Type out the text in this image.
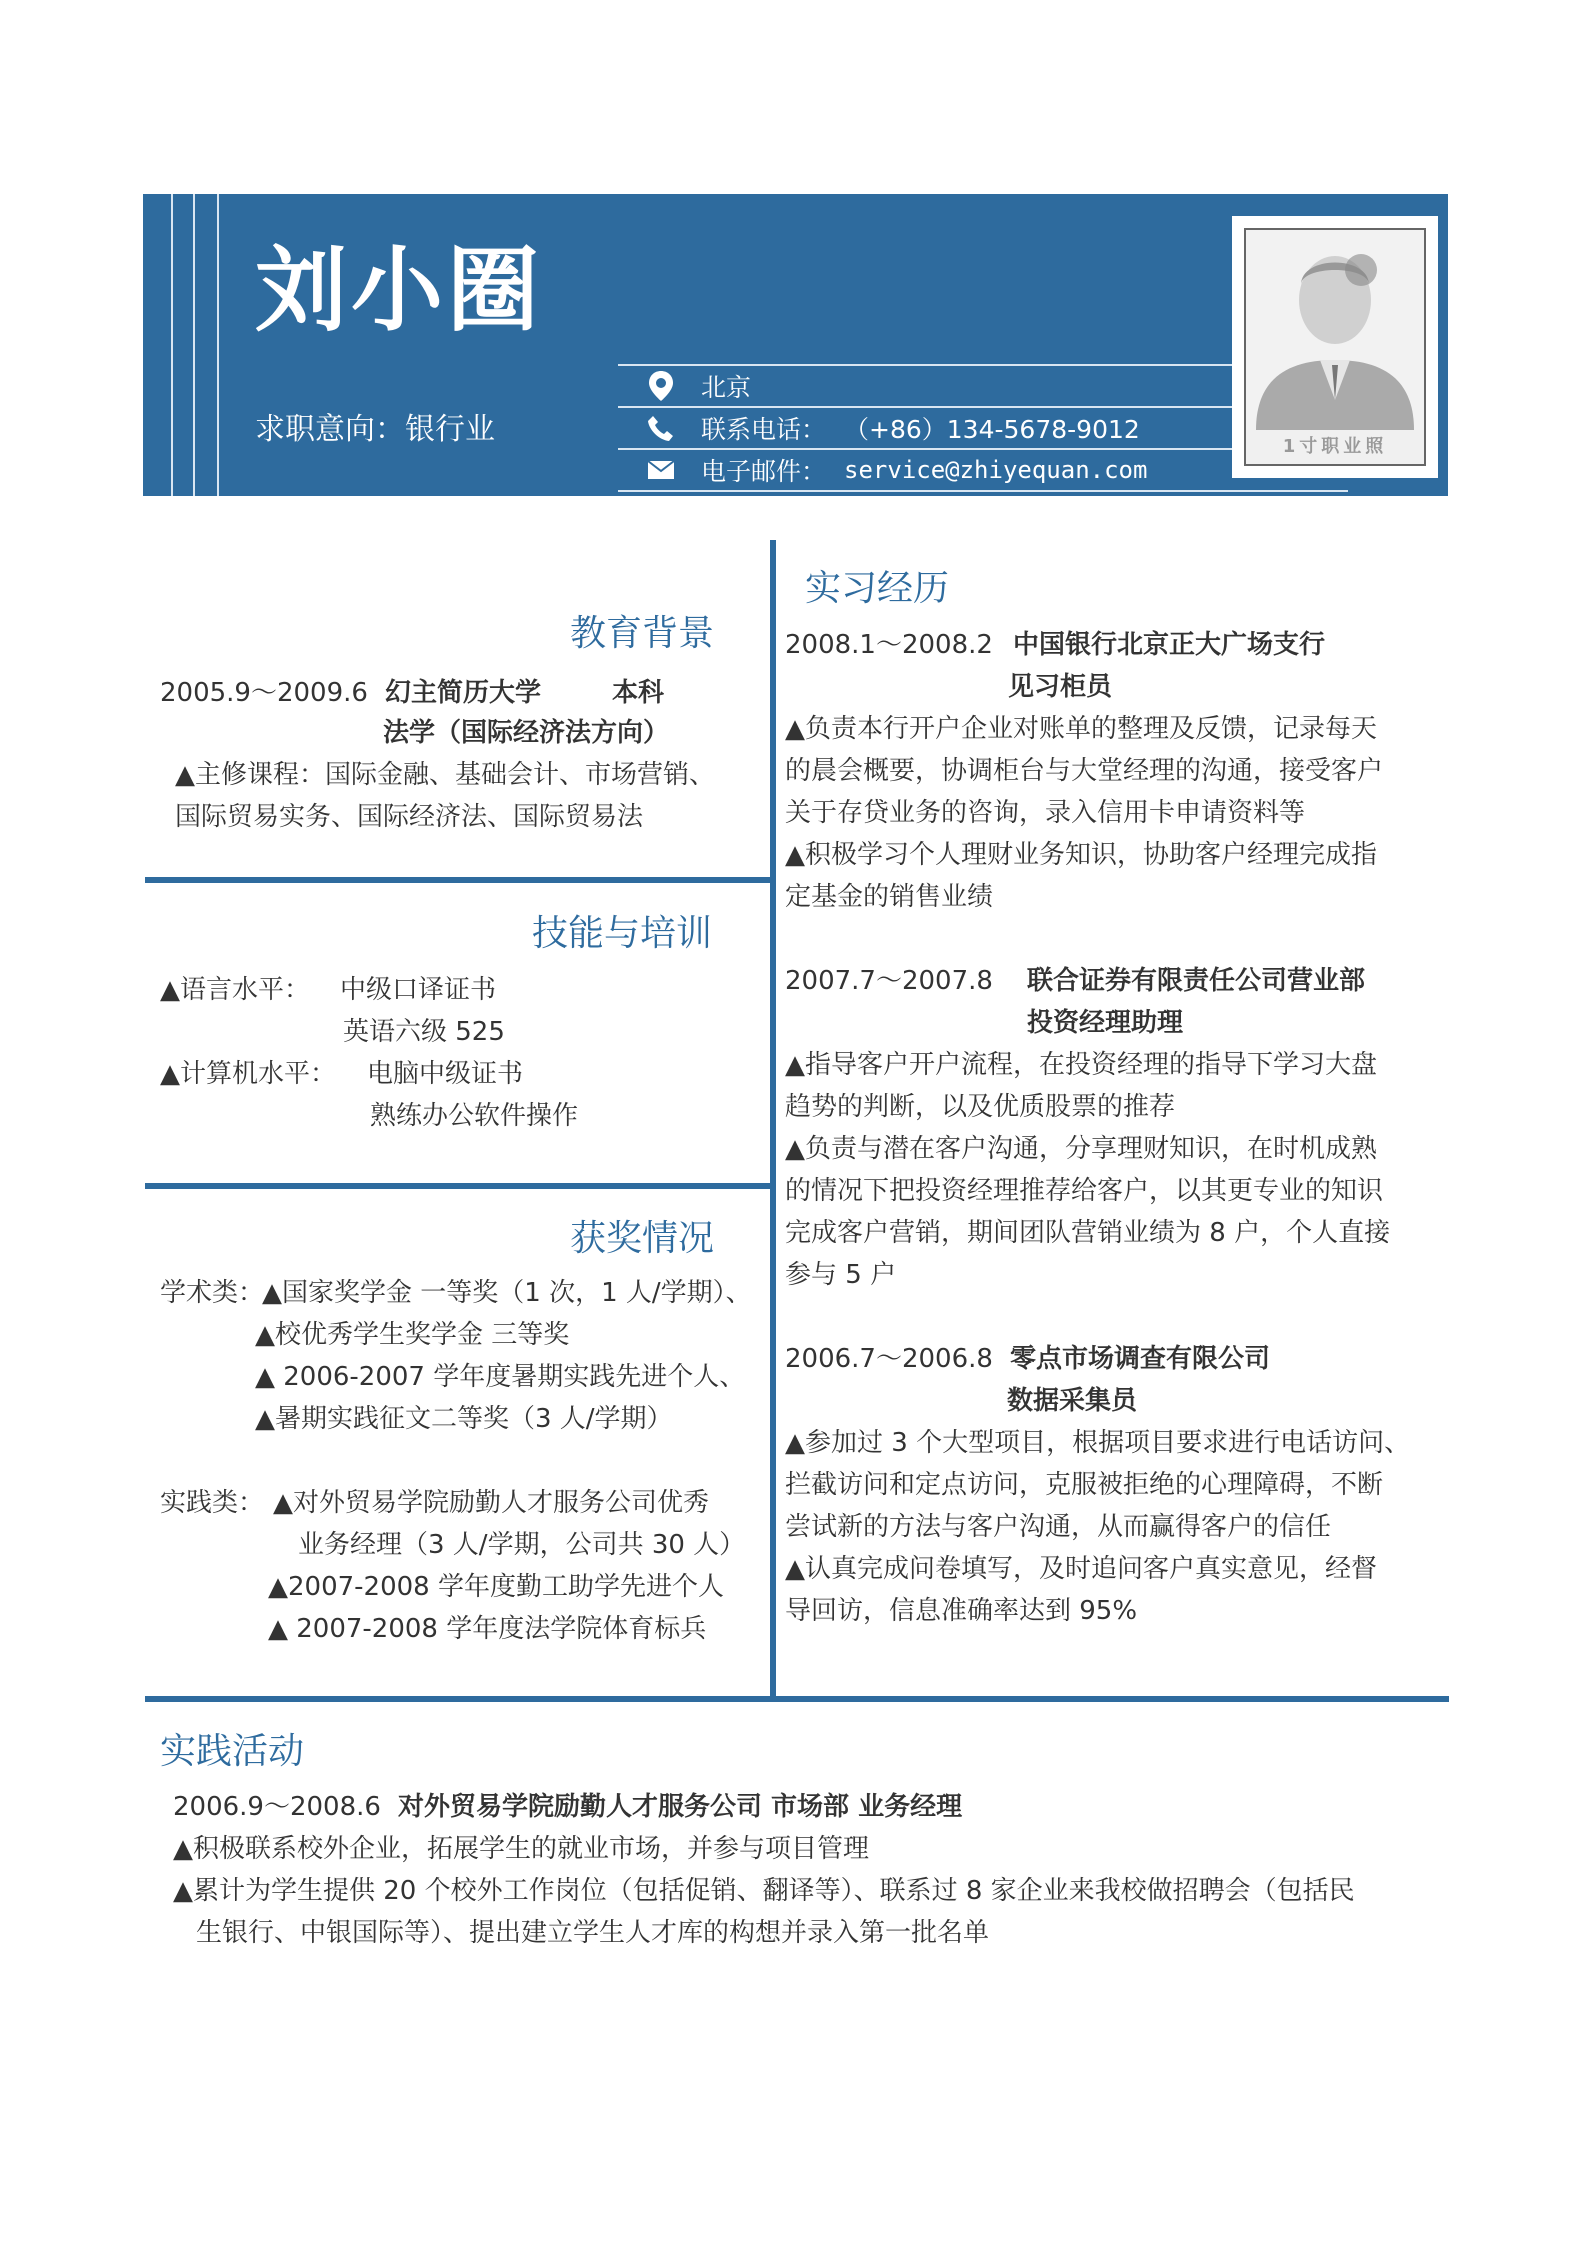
刘小圈
求职意向：银行业
北京
联系电话： （+86）134-5678-9012
电子邮件： service@zhiyequan.com
1寸职业照
教育背景
2005.9～2009.6 幻主简历大学	本科
法学（国际经济法方向）
▲主修课程：国际金融、基础会计、市场营销、
国际贸易实务、国际经济法、国际贸易法
技能与培训
▲语言水平： 中级口译证书
英语六级 525
▲计算机水平： 电脑中级证书
熟练办公软件操作
获奖情况
学术类：
▲国家奖学金 一等奖（1 次，1 人/学期）、
▲校优秀学生奖学金 三等奖
▲ 2006-2007 学年度暑期实践先进个人、
▲暑期实践征文二等奖（3 人/学期）
实践类： ▲对外贸易学院励勤人才服务公司优秀
业务经理（3 人/学期，公司共 30 人）
▲2007-2008 学年度勤工助学先进个人
▲ 2007-2008 学年度法学院体育标兵
实习经历
2008.1～2008.2 中国银行北京正大广场支行
见习柜员
▲负责本行开户企业对账单的整理及反馈，记录每天
的晨会概要，协调柜台与大堂经理的沟通，接受客户
关于存贷业务的咨询，录入信用卡申请资料等
▲积极学习个人理财业务知识，协助客户经理完成指
定基金的销售业绩
2007.7～2007.8 联合证券有限责任公司营业部
投资经理助理
▲指导客户开户流程，在投资经理的指导下学习大盘
趋势的判断，以及优质股票的推荐
▲负责与潜在客户沟通，分享理财知识，在时机成熟
的情况下把投资经理推荐给客户，以其更专业的知识
完成客户营销，期间团队营销业绩为 8 户，个人直接
参与 5 户
2006.7～2006.8 零点市场调查有限公司
数据采集员
▲参加过 3 个大型项目，根据项目要求进行电话访问、
拦截访问和定点访问，克服被拒绝的心理障碍，不断
尝试新的方法与客户沟通，从而赢得客户的信任
▲认真完成问卷填写，及时追问客户真实意见，经督
导回访，信息准确率达到 95%
实践活动
2006.9～2008.6 对外贸易学院励勤人才服务公司 市场部 业务经理
▲积极联系校外企业，拓展学生的就业市场，并参与项目管理
▲累计为学生提供 20 个校外工作岗位（包括促销、翻译等）、联系过 8 家企业来我校做招聘会（包括民
生银行、中银国际等）、提出建立学生人才库的构想并录入第一批名单
